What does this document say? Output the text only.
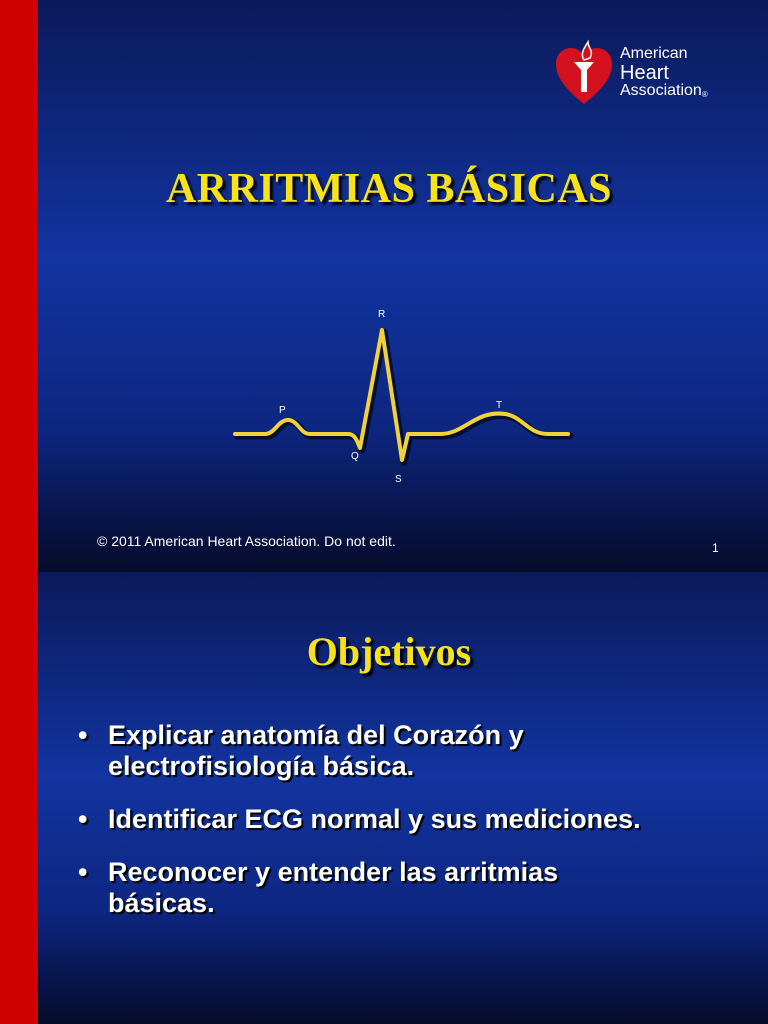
American
Heart
Association®
ARRITMIAS BÁSICAS
P
Q
R
S
T
© 2011 American Heart Association. Do not edit.	1
Objetivos
• Explicar anatomía del Corazón y
electrofisiología básica.
• Identificar ECG normal y sus mediciones.
• Reconocer y entender las arritmias
básicas.
